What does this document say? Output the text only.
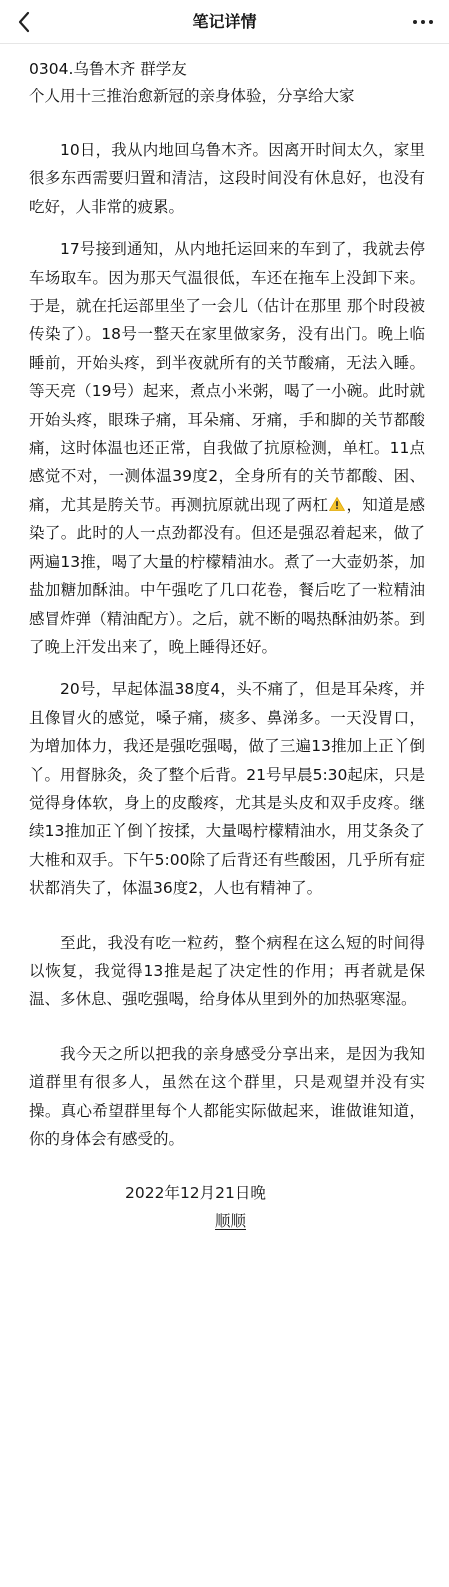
笔记详情
0304.乌鲁木齐 群学友
个人用十三推治愈新冠的亲身体验，分享给大家

10日，我从内地回乌鲁木齐。因离开时间太久，家里很多东西需要归置和清洁，这段时间没有休息好，也没有吃好，人非常的疲累。

17号接到通知，从内地托运回来的车到了，我就去停车场取车。因为那天气温很低，车还在拖车上没卸下来。于是，就在托运部里坐了一会儿（估计在那里 那个时段被传染了）。18号一整天在家里做家务，没有出门。晚上临睡前，开始头疼，到半夜就所有的关节酸痛，无法入睡。等天亮（19号）起来，煮点小米粥，喝了一小碗。此时就开始头疼，眼珠子痛，耳朵痛、牙痛，手和脚的关节都酸痛，这时体温也还正常，自我做了抗原检测，单杠。11点感觉不对，一测体温39度2，全身所有的关节都酸、困、痛，尤其是胯关节。再测抗原就出现了两杠 ，知道是感染了。此时的人一点劲都没有。但还是强忍着起来，做了两遍13推，喝了大量的柠檬精油水。煮了一大壶奶茶，加盐加糖加酥油。中午强吃了几口花卷，餐后吃了一粒精油感冒炸弹（精油配方）。之后，就不断的喝热酥油奶茶。到了晚上汗发出来了，晚上睡得还好。

20号，早起体温38度4，头不痛了，但是耳朵疼，并且像冒火的感觉，嗓子痛，痰多、鼻涕多。一天没胃口，为增加体力，我还是强吃强喝，做了三遍13推加上正丫倒丫。用督脉灸，灸了整个后背。21号早晨5:30起床，只是觉得身体软，身上的皮酸疼，尤其是头皮和双手皮疼。继续13推加正丫倒丫按揉，大量喝柠檬精油水，用艾条灸了大椎和双手。下午5:00除了后背还有些酸困，几乎所有症状都消失了，体温36度2，人也有精神了。

至此，我没有吃一粒药，整个病程在这么短的时间得以恢复，我觉得13推是起了决定性的作用；再者就是保温、多休息、强吃强喝，给身体从里到外的加热驱寒湿。

我今天之所以把我的亲身感受分享出来，是因为我知道群里有很多人，虽然在这个群里，只是观望并没有实操。真心希望群里每个人都能实际做起来，谁做谁知道，你的身体会有感受的。

2022年12月21日晚
顺顺
